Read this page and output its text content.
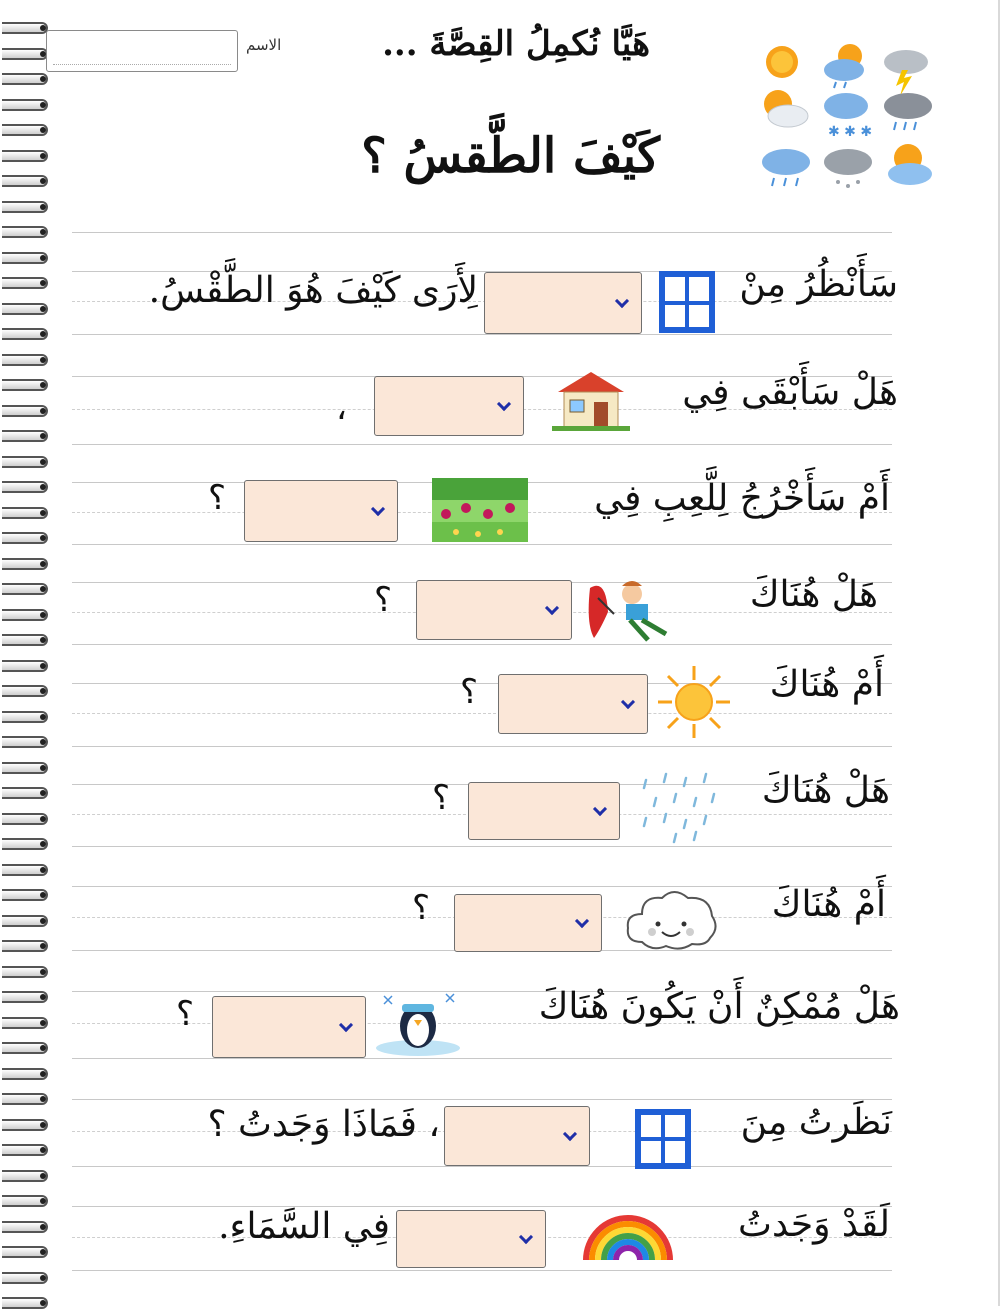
الاسم	هَيَّا نُكمِلُ القِصَّةَ ...
كَيْفَ الطَّقسُ ؟	✱ ✱ ✱
سَأَنْظُرُ مِنْ
لِأَرَى كَيْفَ هُوَ الطَّقْسُ.
هَلْ سَأَبْقَى فِي
،
أَمْ سَأَخْرُجُ لِلَّعِبِ فِي
؟
هَلْ هُنَاكَ
؟
أَمْ هُنَاكَ
؟
هَلْ هُنَاكَ
؟
أَمْ هُنَاكَ
؟
هَلْ مُمْكِنٌ أَنْ يَكُونَ هُنَاكَ
؟
نَظَرتُ مِنَ
، فَمَاذَا وَجَدتُ ؟
لَقَدْ وَجَدتُ
فِي السَّمَاءِ.
